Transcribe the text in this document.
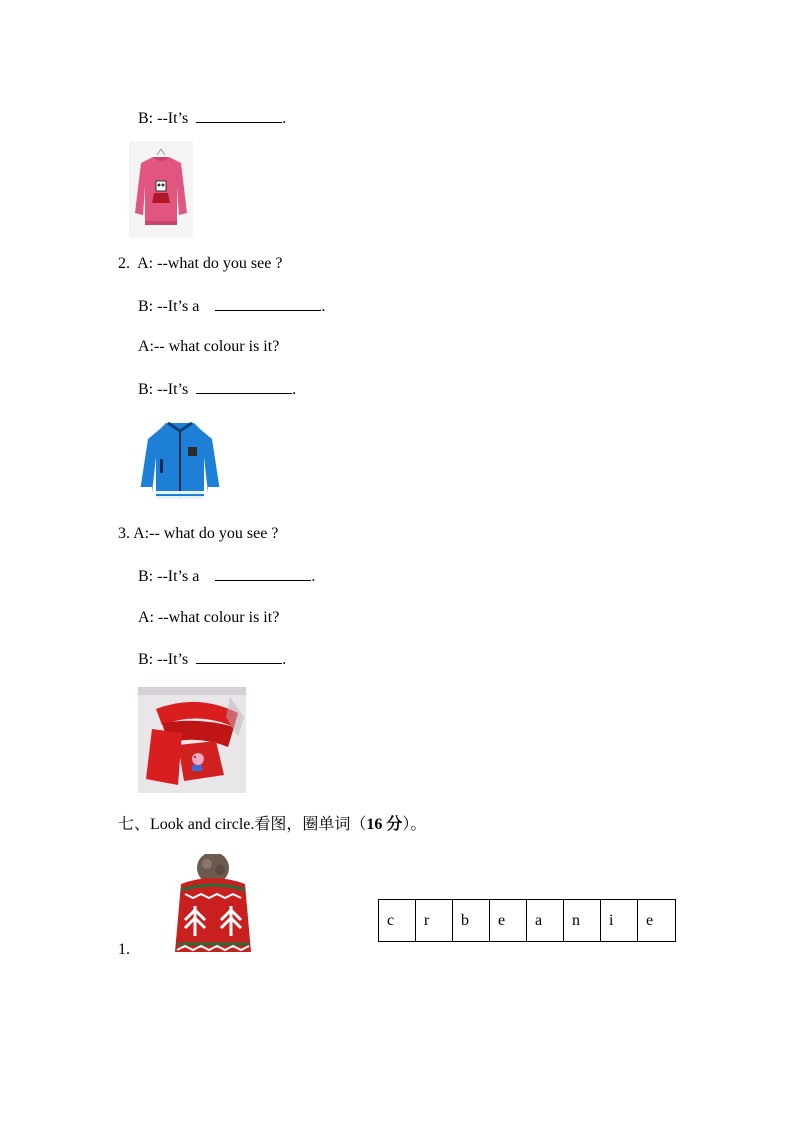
B: --It’s	.
2. A: --what do you see ?
B: --It’s a	.
A:-- what colour is it?
B: --It’s	.
3. A:-- what do you see ?
B: --It’s a	.
A: --what colour is it?
B: --It’s	.
七、Look and circle.看图，圈单词（16 分）。
1.
c	r	b	e	a	n	i	e
